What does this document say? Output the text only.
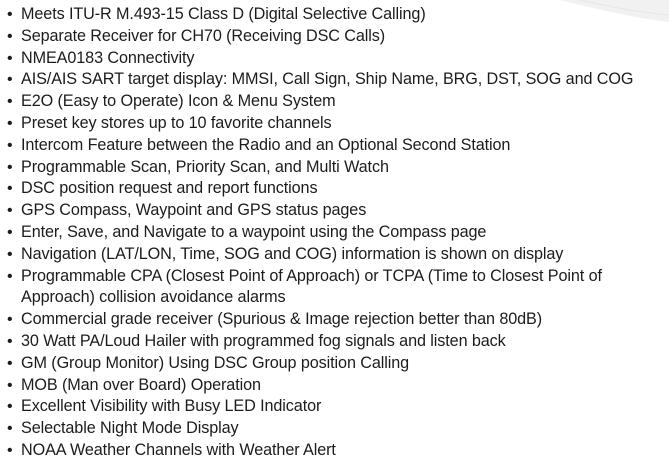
• Meets ITU-R M.493-15 Class D (Digital Selective Calling)
• Separate Receiver for CH70 (Receiving DSC Calls)
• NMEA0183 Connectivity
• AIS/AIS SART target display: MMSI, Call Sign, Ship Name, BRG, DST, SOG and COG
• E2O (Easy to Operate) Icon & Menu System
• Preset key stores up to 10 favorite channels
• Intercom Feature between the Radio and an Optional Second Station
• Programmable Scan, Priority Scan, and Multi Watch
• DSC position request and report functions
• GPS Compass, Waypoint and GPS status pages
• Enter, Save, and Navigate to a waypoint using the Compass page
• Navigation (LAT/LON, Time, SOG and COG) information is shown on display
• Programmable CPA (Closest Point of Approach) or TCPA (Time to Closest Point of Approach) collision avoidance alarms
• Commercial grade receiver (Spurious & Image rejection better than 80dB)
• 30 Watt PA/Loud Hailer with programmed fog signals and listen back
• GM (Group Monitor) Using DSC Group position Calling
• MOB (Man over Board) Operation
• Excellent Visibility with Busy LED Indicator
• Selectable Night Mode Display
• NOAA Weather Channels with Weather Alert
